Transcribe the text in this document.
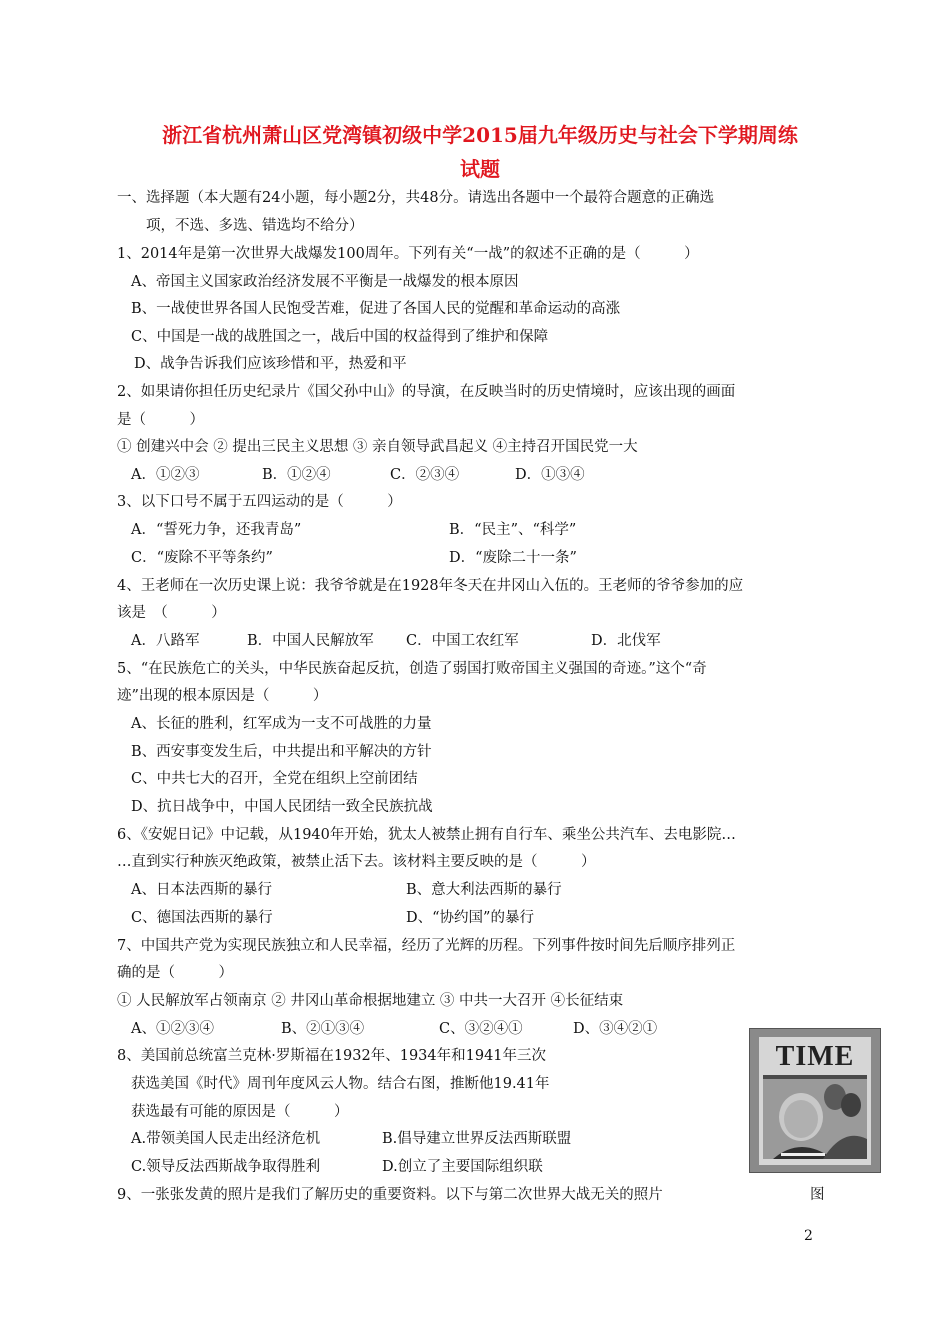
浙江省杭州萧山区党湾镇初级中学2015届九年级历史与社会下学期周练
试题
一、选择题（本大题有24小题，每小题2分，共48分。请选出各题中一个最符合题意的正确选
项，不选、多选、错选均不给分）
1、2014年是第一次世界大战爆发100周年。下列有关“一战”的叙述不正确的是（　　　）
A、帝国主义国家政治经济发展不平衡是一战爆发的根本原因
B、一战使世界各国人民饱受苦难，促进了各国人民的觉醒和革命运动的高涨
C、中国是一战的战胜国之一，战后中国的权益得到了维护和保障
D、战争告诉我们应该珍惜和平，热爱和平
2、如果请你担任历史纪录片《国父孙中山》的导演，在反映当时的历史情境时，应该出现的画面
是（　　　）
① 创建兴中会 ② 提出三民主义思想 ③ 亲自领导武昌起义 ④主持召开国民党一大
A．①②③	B．①②④	C．②③④	D．①③④
3、以下口号不属于五四运动的是（　　　）
A．“誓死力争，还我青岛”	B．“民主”、“科学”
C．“废除不平等条约”	D．“废除二十一条”
4、王老师在一次历史课上说：我爷爷就是在1928年冬天在井冈山入伍的。王老师的爷爷参加的应
该是　（　　　）
A．八路军	B．中国人民解放军 C．中国工农红军	D．北伐军
5、“在民族危亡的关头，中华民族奋起反抗，创造了弱国打败帝国主义强国的奇迹。”这个“奇
迹”出现的根本原因是（　　　）
A、长征的胜利，红军成为一支不可战胜的力量
B、西安事变发生后，中共提出和平解决的方针
C、中共七大的召开，全党在组织上空前团结
D、抗日战争中，中国人民团结一致全民族抗战
6、《安妮日记》中记载，从1940年开始，犹太人被禁止拥有自行车、乘坐公共汽车、去电影院…
…直到实行种族灭绝政策，被禁止活下去。该材料主要反映的是（　　　）
A、日本法西斯的暴行	B、意大利法西斯的暴行
C、德国法西斯的暴行	D、“协约国”的暴行
7、中国共产党为实现民族独立和人民幸福，经历了光辉的历程。下列事件按时间先后顺序排列正
确的是（　　　）
① 人民解放军占领南京 ② 井冈山革命根据地建立 ③ 中共一大召开 ④长征结束
A、①②③④	B、②①③④	C、③②④①	D、③④②①
8、美国前总统富兰克林·罗斯福在1932年、1934年和1941年三次
获选美国《时代》周刊年度风云人物。结合右图，推断他19.41年
获选最有可能的原因是（　　　）
A.带领美国人民走出经济危机	B.倡导建立世界反法西斯联盟
C.领导反法西斯战争取得胜利	D.创立了主要国际组织联
9、一张张发黄的照片是我们了解历史的重要资料。以下与第二次世界大战无关的照片
TIME
图
2
